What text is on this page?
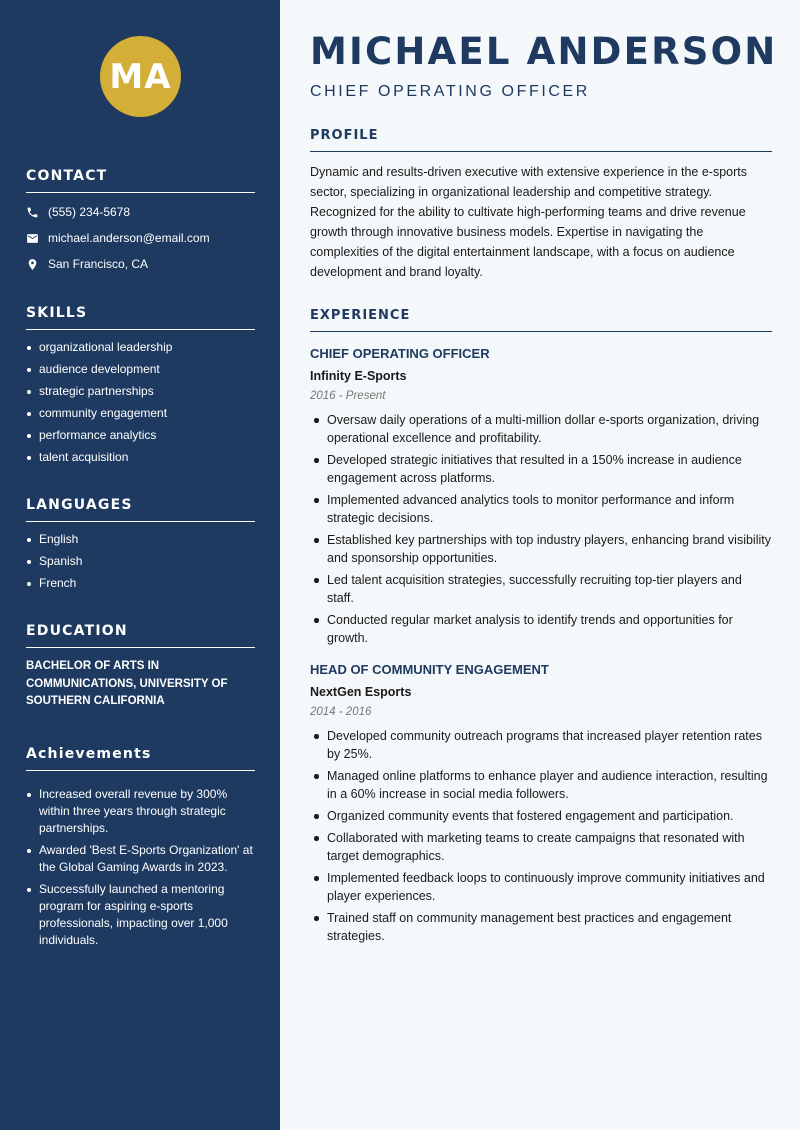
MA
CONTACT
(555) 234-5678
michael.anderson@email.com
San Francisco, CA
SKILLS
organizational leadership
audience development
strategic partnerships
community engagement
performance analytics
talent acquisition
LANGUAGES
English
Spanish
French
EDUCATION
BACHELOR OF ARTS IN COMMUNICATIONS, UNIVERSITY OF SOUTHERN CALIFORNIA
Achievements
Increased overall revenue by 300% within three years through strategic partnerships.
Awarded 'Best E-Sports Organization' at the Global Gaming Awards in 2023.
Successfully launched a mentoring program for aspiring e-sports professionals, impacting over 1,000 individuals.
MICHAEL ANDERSON
CHIEF OPERATING OFFICER
PROFILE
Dynamic and results-driven executive with extensive experience in the e-sports sector, specializing in organizational leadership and competitive strategy. Recognized for the ability to cultivate high-performing teams and drive revenue growth through innovative business models. Expertise in navigating the complexities of the digital entertainment landscape, with a focus on audience development and brand loyalty.
EXPERIENCE
CHIEF OPERATING OFFICER
Infinity E-Sports
2016 - Present
Oversaw daily operations of a multi-million dollar e-sports organization, driving operational excellence and profitability.
Developed strategic initiatives that resulted in a 150% increase in audience engagement across platforms.
Implemented advanced analytics tools to monitor performance and inform strategic decisions.
Established key partnerships with top industry players, enhancing brand visibility and sponsorship opportunities.
Led talent acquisition strategies, successfully recruiting top-tier players and staff.
Conducted regular market analysis to identify trends and opportunities for growth.
HEAD OF COMMUNITY ENGAGEMENT
NextGen Esports
2014 - 2016
Developed community outreach programs that increased player retention rates by 25%.
Managed online platforms to enhance player and audience interaction, resulting in a 60% increase in social media followers.
Organized community events that fostered engagement and participation.
Collaborated with marketing teams to create campaigns that resonated with target demographics.
Implemented feedback loops to continuously improve community initiatives and player experiences.
Trained staff on community management best practices and engagement strategies.
